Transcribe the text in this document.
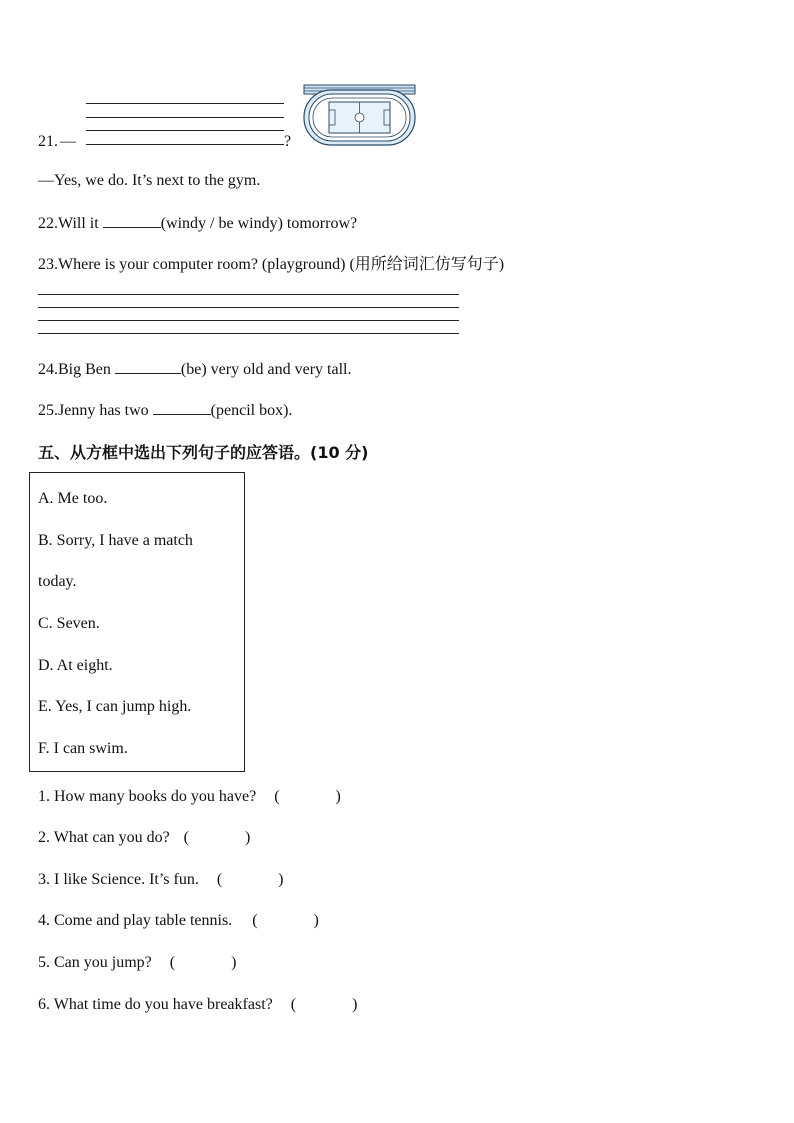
21. —	?
—Yes, we do. It’s next to the gym.
22.Will it	(windy / be windy) tomorrow?
23.Where is your computer room? (playground) (用所给词汇仿写句子)
24.Big Ben	(be) very old and very tall.
25.Jenny has two	(pencil box).
五、从方框中选出下列句子的应答语。(10 分)
A. Me too.
B. Sorry, I have a match
today.
C. Seven.
D. At eight.
E. Yes, I can jump high.
F. I can swim.
1. How many books do you have? (	)
2. What can you do? (	)
3. I like Science. It’s fun. (	)
4. Come and play table tennis. (	)
5. Can you jump? (	)
6. What time do you have breakfast? (	)
